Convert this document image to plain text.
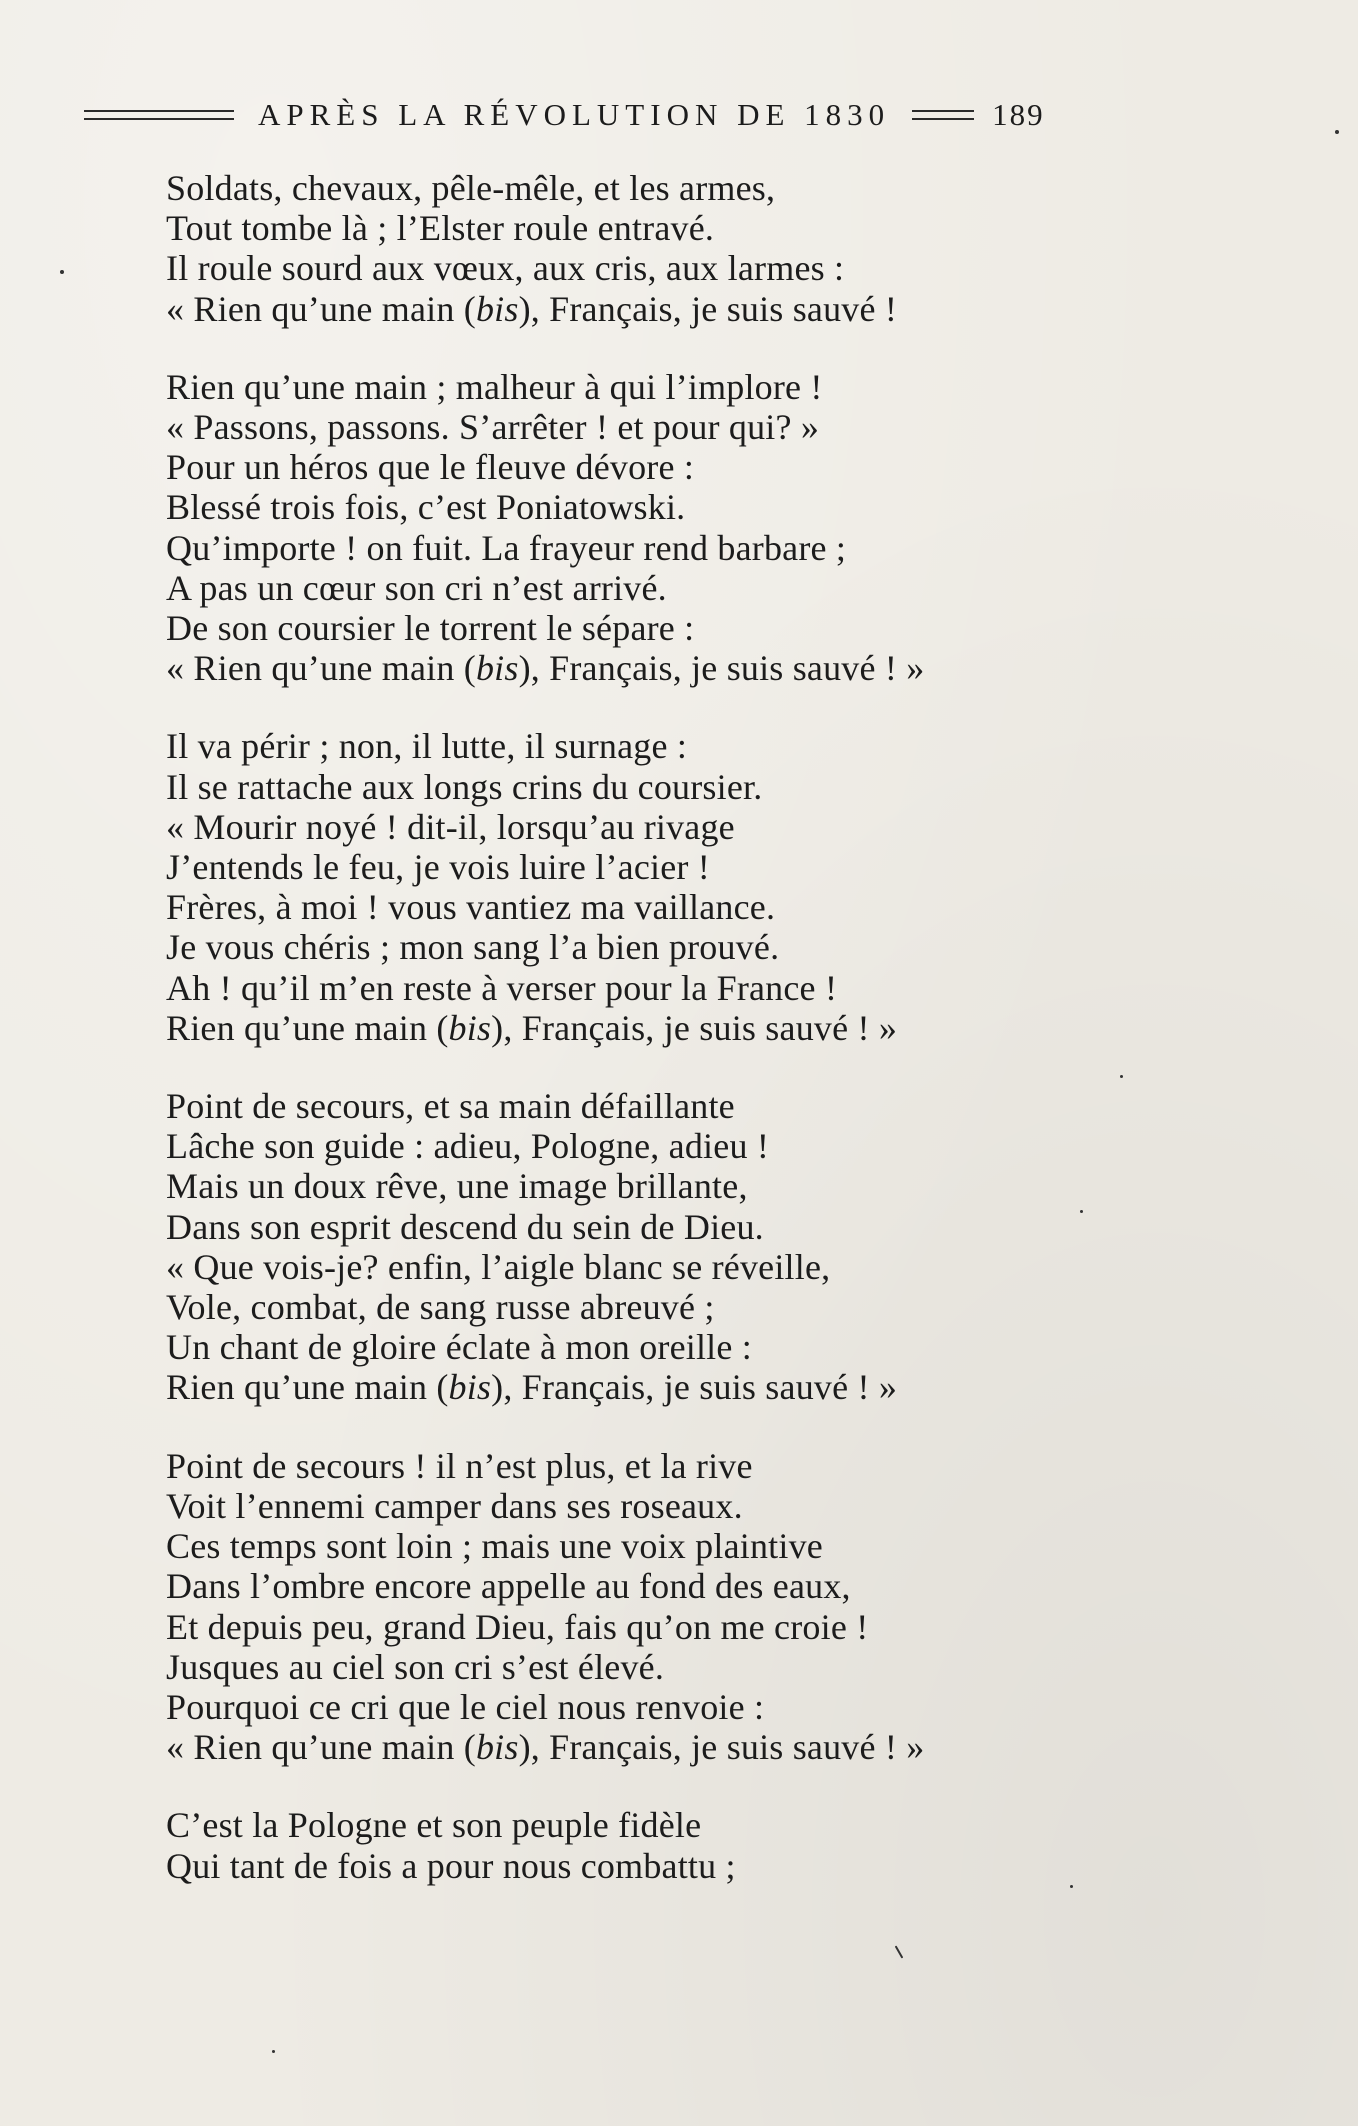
APRÈS LA RÉVOLUTION DE 1830	189
Soldats, chevaux, pêle-mêle, et les armes,
Tout tombe là ; l’Elster roule entravé.
Il roule sourd aux vœux, aux cris, aux larmes :
« Rien qu’une main (bis), Français, je suis sauvé !
Rien qu’une main ; malheur à qui l’implore !
« Passons, passons. S’arrêter ! et pour qui? »
Pour un héros que le fleuve dévore :
Blessé trois fois, c’est Poniatowski.
Qu’importe ! on fuit. La frayeur rend barbare ;
A pas un cœur son cri n’est arrivé.
De son coursier le torrent le sépare :
« Rien qu’une main (bis), Français, je suis sauvé ! »
Il va périr ; non, il lutte, il surnage :
Il se rattache aux longs crins du coursier.
« Mourir noyé ! dit-il, lorsqu’au rivage
J’entends le feu, je vois luire l’acier !
Frères, à moi ! vous vantiez ma vaillance.
Je vous chéris ; mon sang l’a bien prouvé.
Ah ! qu’il m’en reste à verser pour la France !
Rien qu’une main (bis), Français, je suis sauvé ! »
Point de secours, et sa main défaillante
Lâche son guide : adieu, Pologne, adieu !
Mais un doux rêve, une image brillante,
Dans son esprit descend du sein de Dieu.
« Que vois-je? enfin, l’aigle blanc se réveille,
Vole, combat, de sang russe abreuvé ;
Un chant de gloire éclate à mon oreille :
Rien qu’une main (bis), Français, je suis sauvé ! »
Point de secours ! il n’est plus, et la rive
Voit l’ennemi camper dans ses roseaux.
Ces temps sont loin ; mais une voix plaintive
Dans l’ombre encore appelle au fond des eaux,
Et depuis peu, grand Dieu, fais qu’on me croie !
Jusques au ciel son cri s’est élevé.
Pourquoi ce cri que le ciel nous renvoie :
« Rien qu’une main (bis), Français, je suis sauvé ! »
C’est la Pologne et son peuple fidèle
Qui tant de fois a pour nous combattu ;
